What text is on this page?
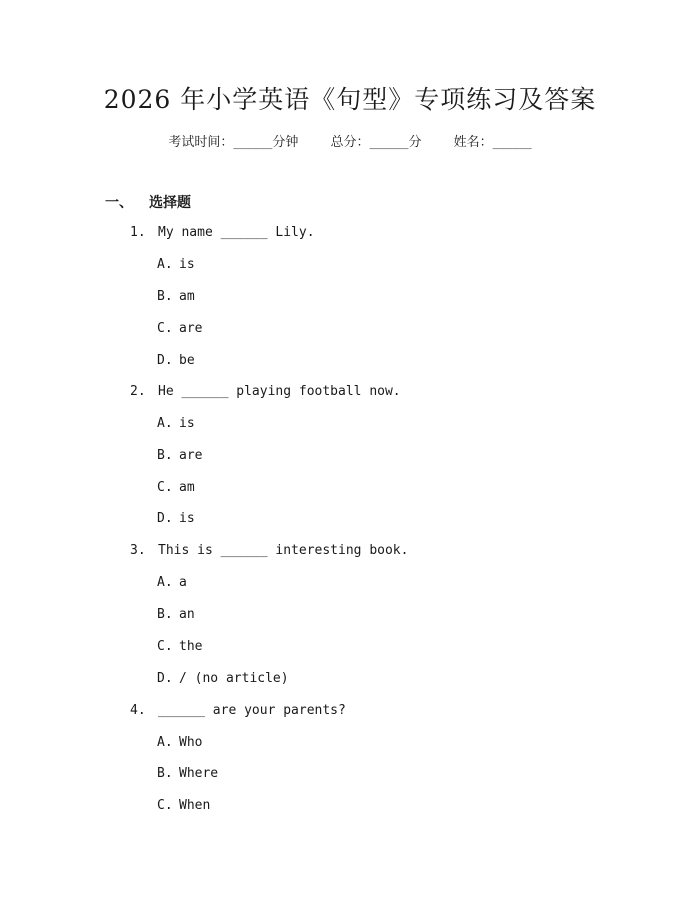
2026 年小学英语《句型》专项练习及答案
考试时间：______分钟 总分：______分 姓名：______
一、 选择题
1. My name ______ Lily.
A. is
B. am
C. are
D. be
2. He ______ playing football now.
A. is
B. are
C. am
D. is
3. This is ______ interesting book.
A. a
B. an
C. the
D. / (no article)
4. ______ are your parents?
A. Who
B. Where
C. When
